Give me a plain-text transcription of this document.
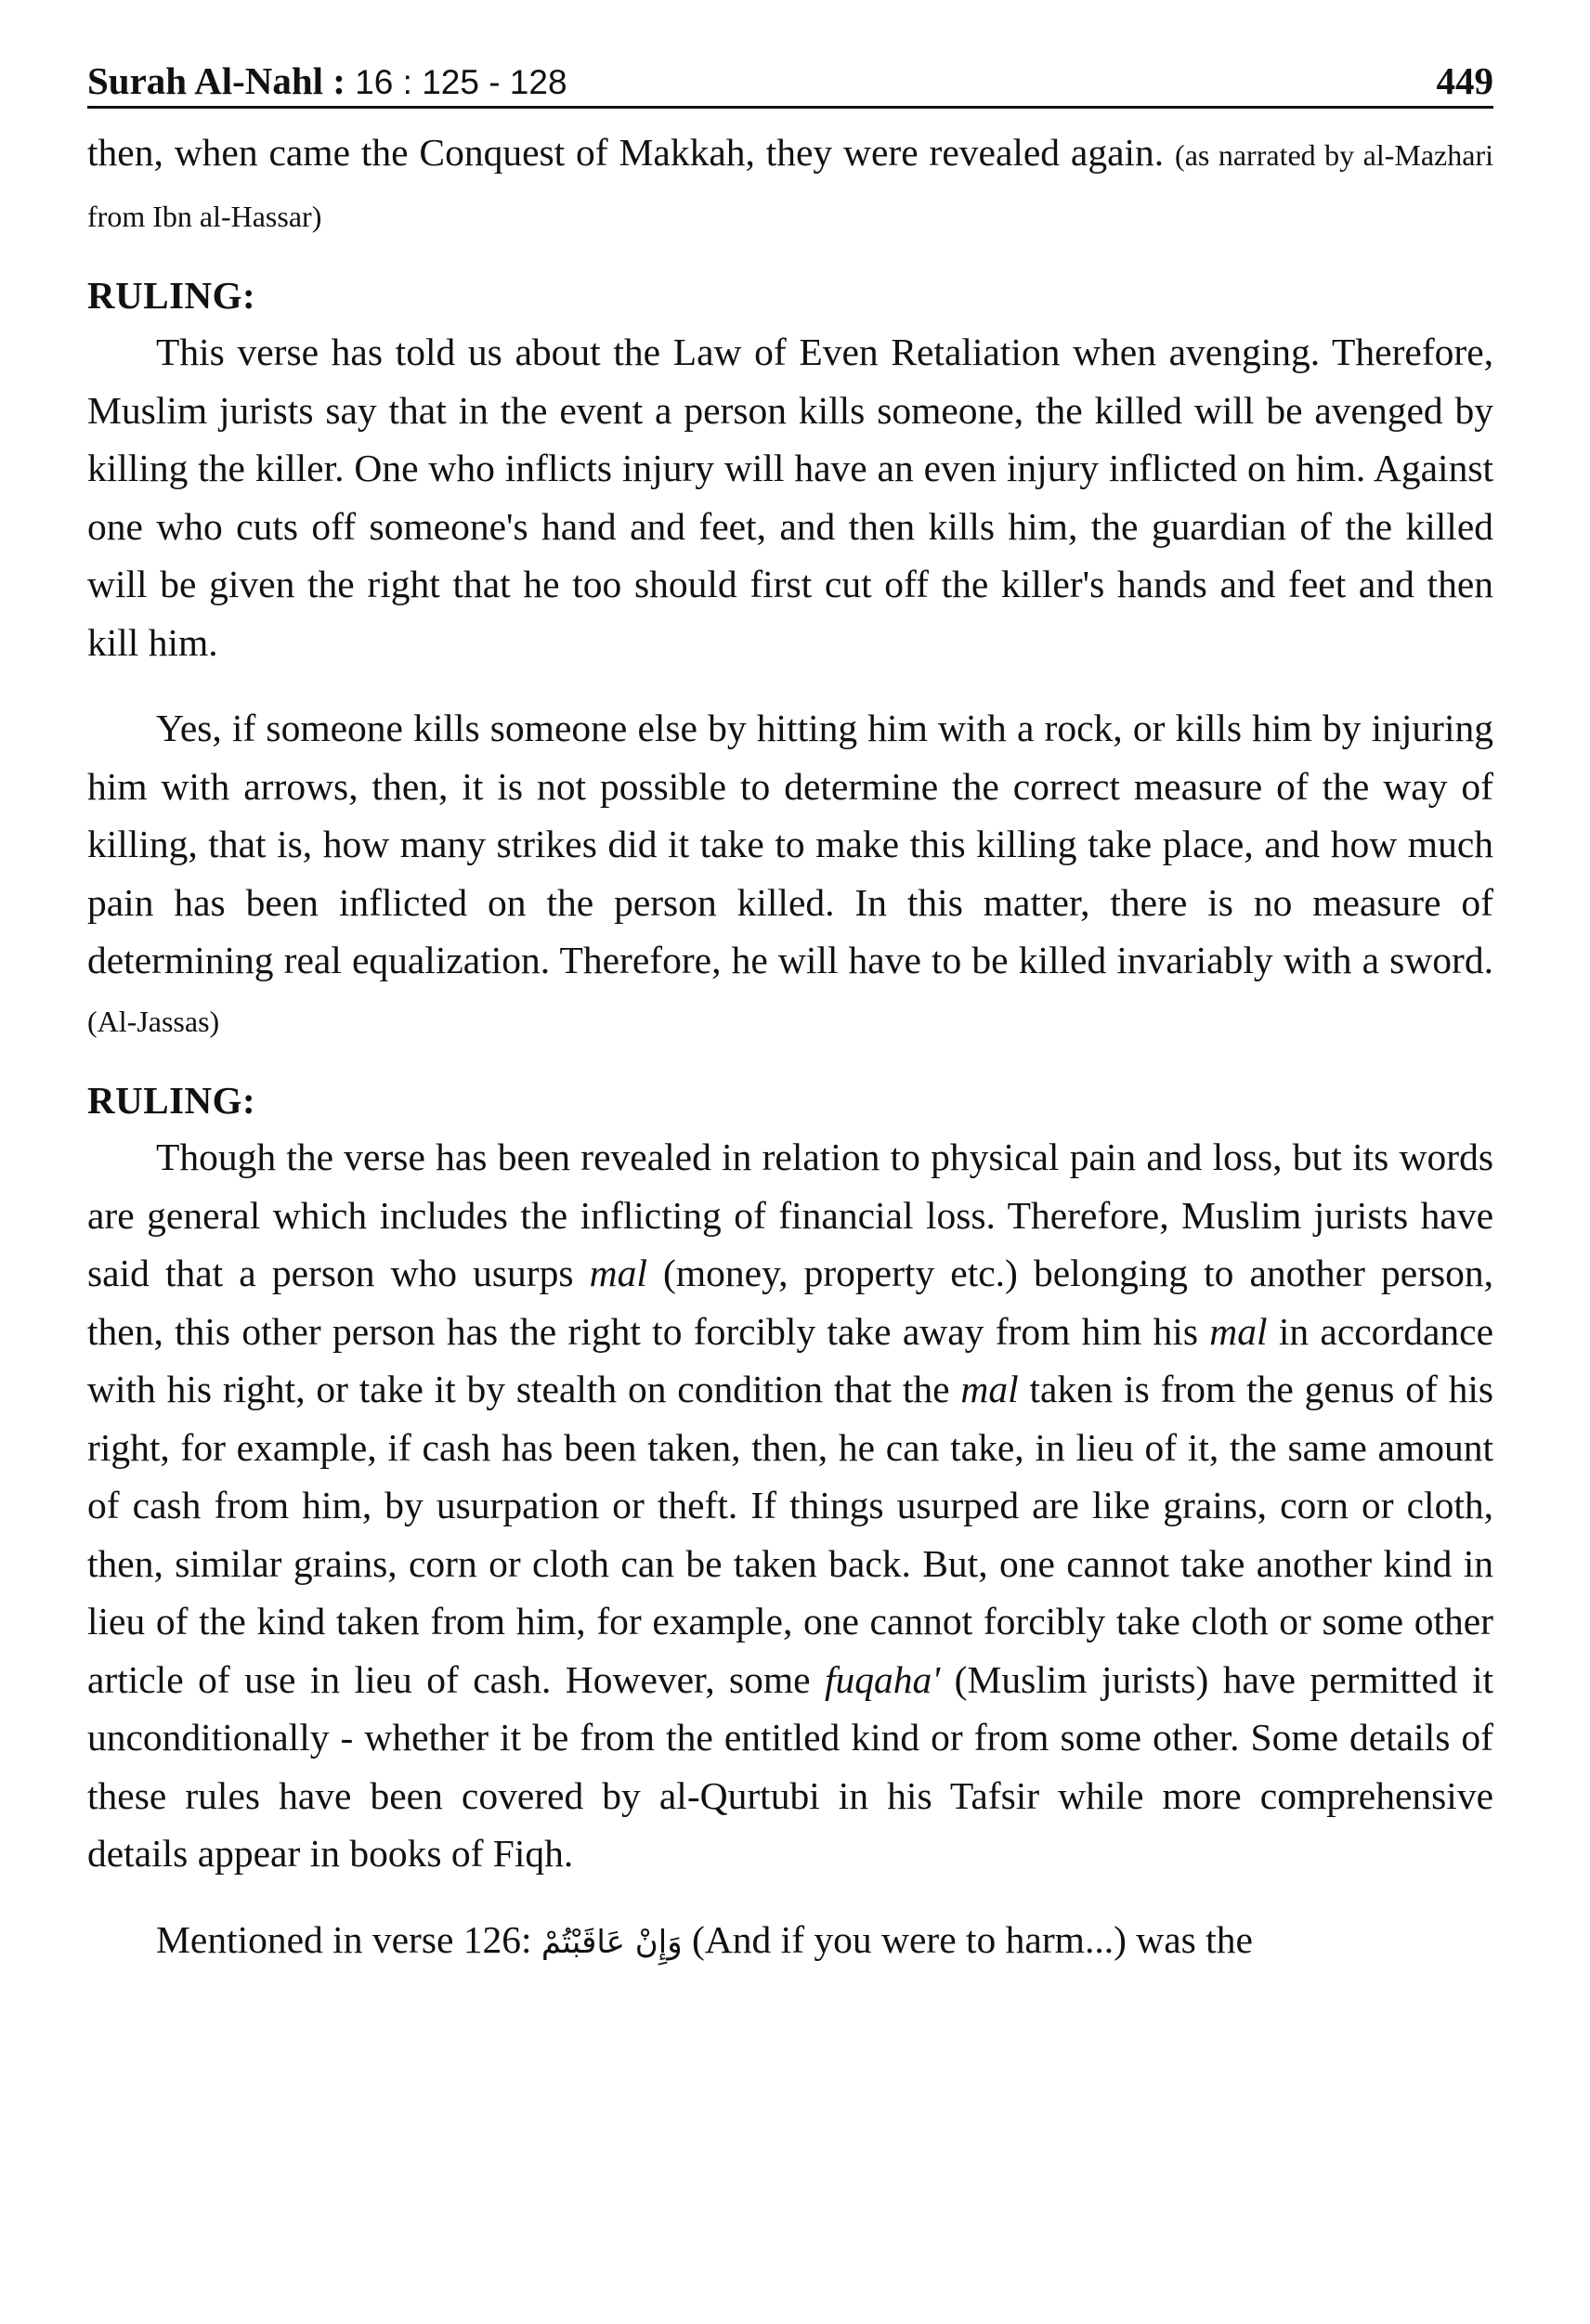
Surah Al-Nahl : 16 : 125 - 128	449

then, when came the Conquest of Makkah, they were revealed again. (as narrated by al-Mazhari from Ibn al-Hassar)

RULING:

This verse has told us about the Law of Even Retaliation when avenging. Therefore, Muslim jurists say that in the event a person kills someone, the killed will be avenged by killing the killer. One who inflicts injury will have an even injury inflicted on him. Against one who cuts off someone's hand and feet, and then kills him, the guardian of the killed will be given the right that he too should first cut off the killer's hands and feet and then kill him.

Yes, if someone kills someone else by hitting him with a rock, or kills him by injuring him with arrows, then, it is not possible to determine the correct measure of the way of killing, that is, how many strikes did it take to make this killing take place, and how much pain has been inflicted on the person killed. In this matter, there is no measure of determining real equalization. Therefore, he will have to be killed invariably with a sword. (Al-Jassas)

RULING:

Though the verse has been revealed in relation to physical pain and loss, but its words are general which includes the inflicting of financial loss. Therefore, Muslim jurists have said that a person who usurps mal (money, property etc.) belonging to another person, then, this other person has the right to forcibly take away from him his mal in accordance with his right, or take it by stealth on condition that the mal taken is from the genus of his right, for example, if cash has been taken, then, he can take, in lieu of it, the same amount of cash from him, by usurpation or theft. If things usurped are like grains, corn or cloth, then, similar grains, corn or cloth can be taken back. But, one cannot take another kind in lieu of the kind taken from him, for example, one cannot forcibly take cloth or some other article of use in lieu of cash. However, some fuqaha' (Muslim jurists) have permitted it unconditionally - whether it be from the entitled kind or from some other. Some details of these rules have been covered by al-Qurtubi in his Tafsir while more comprehensive details appear in books of Fiqh.

Mentioned in verse 126: وَإِنْ عَاقَبْتُمْ (And if you were to harm...) was the
